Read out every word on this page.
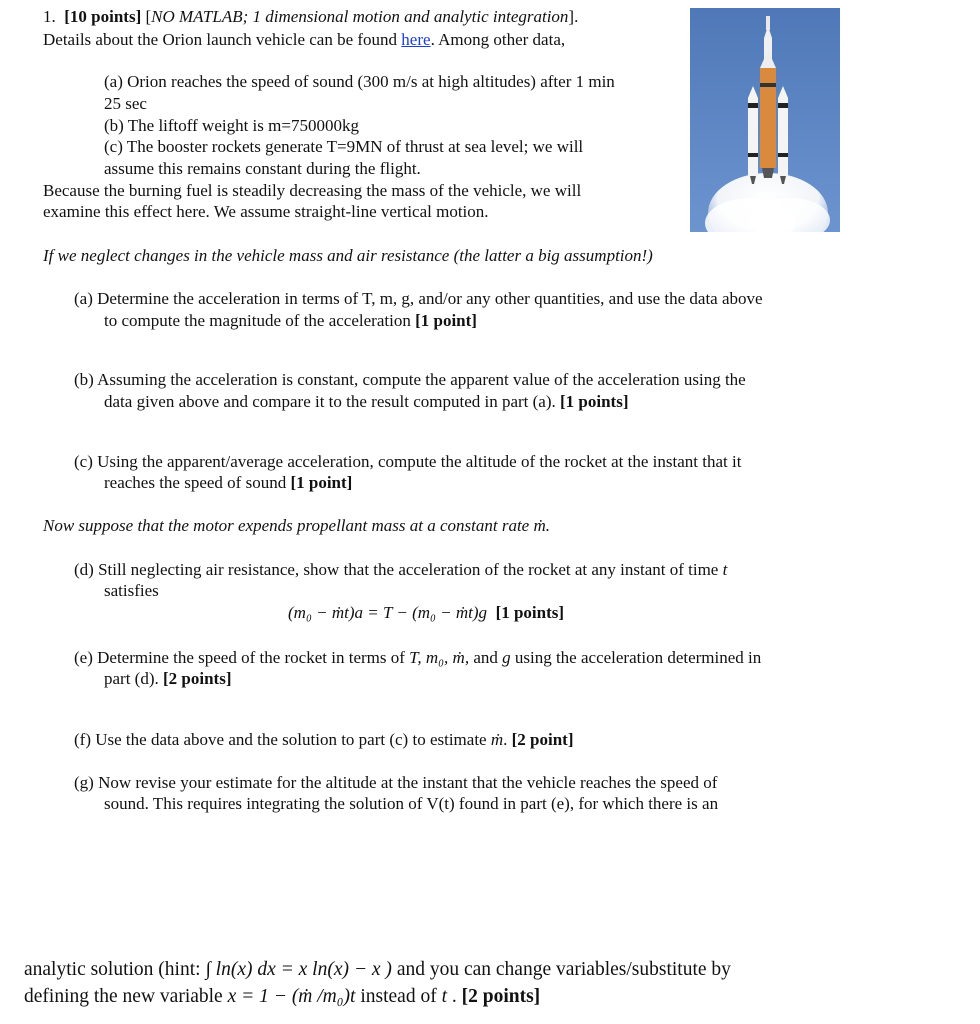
1. [10 points] [NO MATLAB; 1 dimensional motion and analytic integration].
Details about the Orion launch vehicle can be found here. Among other data,
(a) Orion reaches the speed of sound (300 m/s at high altitudes) after 1 min
25 sec
(b) The liftoff weight is m=750000kg
(c) The booster rockets generate T=9MN of thrust at sea level; we will
assume this remains constant during the flight.
Because the burning fuel is steadily decreasing the mass of the vehicle, we will
examine this effect here. We assume straight-line vertical motion.
If we neglect changes in the vehicle mass and air resistance (the latter a big assumption!)
(a) Determine the acceleration in terms of T, m, g, and/or any other quantities, and use the data above
to compute the magnitude of the acceleration [1 point]
(b) Assuming the acceleration is constant, compute the apparent value of the acceleration using the
data given above and compare it to the result computed in part (a). [1 points]
(c) Using the apparent/average acceleration, compute the altitude of the rocket at the instant that it
reaches the speed of sound [1 point]
Now suppose that the motor expends propellant mass at a constant rate ṁ.
(d) Still neglecting air resistance, show that the acceleration of the rocket at any instant of time t
satisfies
(m₀ − ṁt)a = T − (m₀ − ṁt)g [1 points]
(e) Determine the speed of the rocket in terms of T, m₀, ṁ, and g using the acceleration determined in
part (d). [2 points]
(f) Use the data above and the solution to part (c) to estimate ṁ. [2 point]
(g) Now revise your estimate for the altitude at the instant that the vehicle reaches the speed of
sound. This requires integrating the solution of V(t) found in part (e), for which there is an
analytic solution (hint: ∫ ln(x) dx = x ln(x) − x ) and you can change variables/substitute by
defining the new variable x = 1 − (ṁ /m₀)t instead of t . [2 points]
